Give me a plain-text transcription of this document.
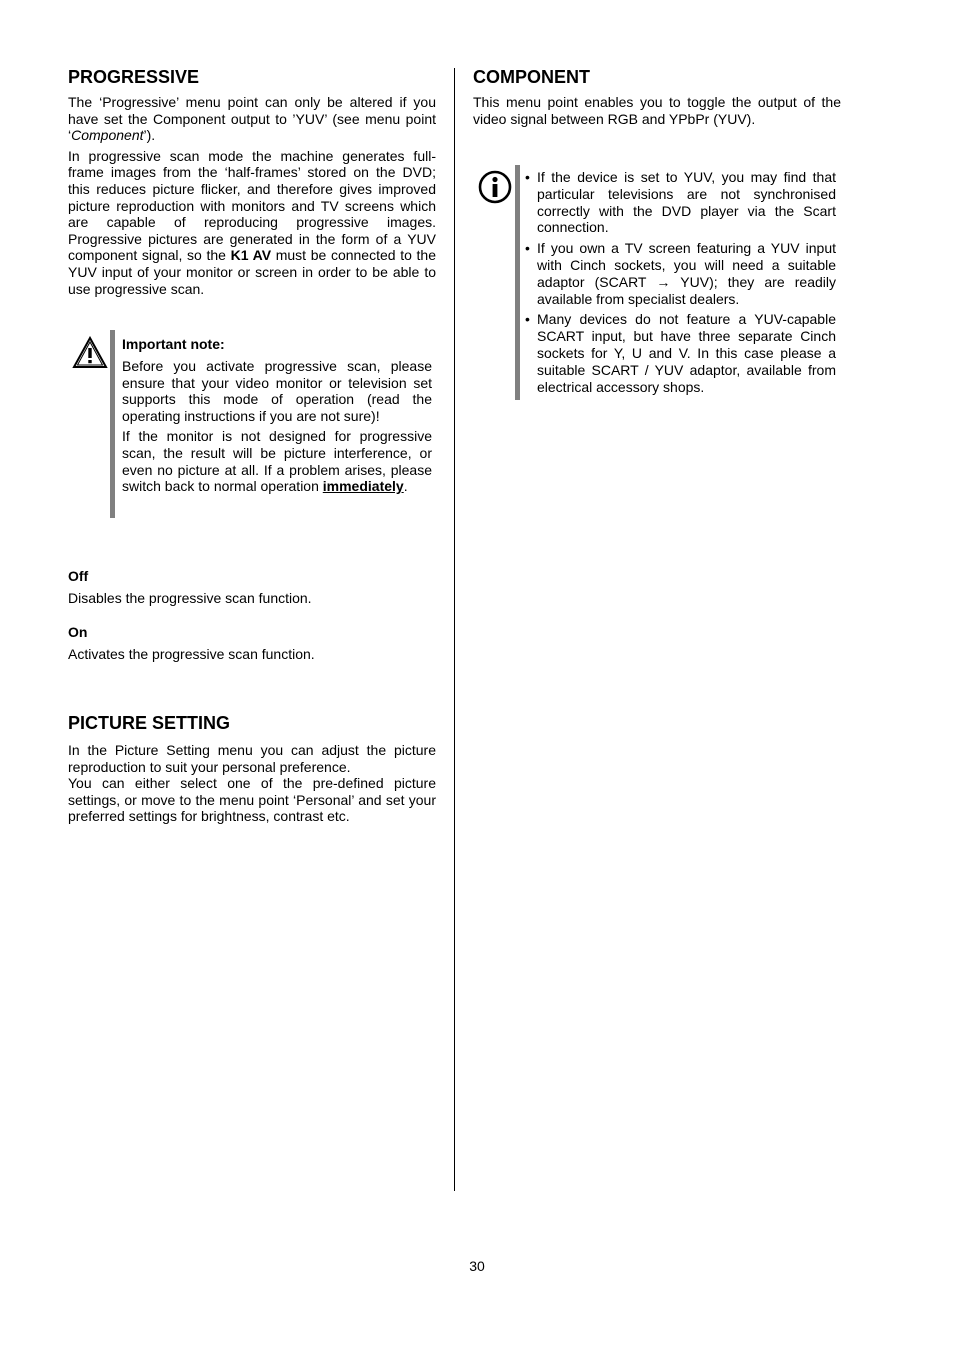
PROGRESSIVE

The ‘Progressive’ menu point can only be altered if you have set the Component output to ’YUV’ (see menu point ‘Component’).

In progressive scan mode the machine generates full-frame images from the ‘half-frames’ stored on the DVD; this reduces picture flicker, and therefore gives improved picture reproduction with monitors and TV screens which are capable of reproducing progressive images. Progressive pictures are generated in the form of a YUV component signal, so the K1 AV must be connected to the YUV input of your monitor or screen in order to be able to use progressive scan.

Important note:

Before you activate progressive scan, please ensure that your video monitor or television set supports this mode of operation (read the operating instructions if you are not sure)!

If the monitor is not designed for progressive scan, the result will be picture interference, or even no picture at all. If a problem arises, please switch back to normal operation immediately.

Off

Disables the progressive scan function.

On

Activates the progressive scan function.

PICTURE SETTING

In the Picture Setting menu you can adjust the picture reproduction to suit your personal preference.

You can either select one of the pre-defined picture settings, or move to the menu point ‘Personal’ and set your preferred settings for brightness, contrast etc.

COMPONENT

This menu point enables you to toggle the output of the video signal between RGB and YPbPr (YUV).

• If the device is set to YUV, you may find that particular televisions are not synchronised correctly with the DVD player via the Scart connection.
• If you own a TV screen featuring a YUV input with Cinch sockets, you will need a suitable adaptor (SCART → YUV); they are readily available from specialist dealers.
• Many devices do not feature a YUV-capable SCART input, but have three separate Cinch sockets for Y, U and V. In this case please a suitable SCART / YUV adaptor, available from electrical accessory shops.
30
